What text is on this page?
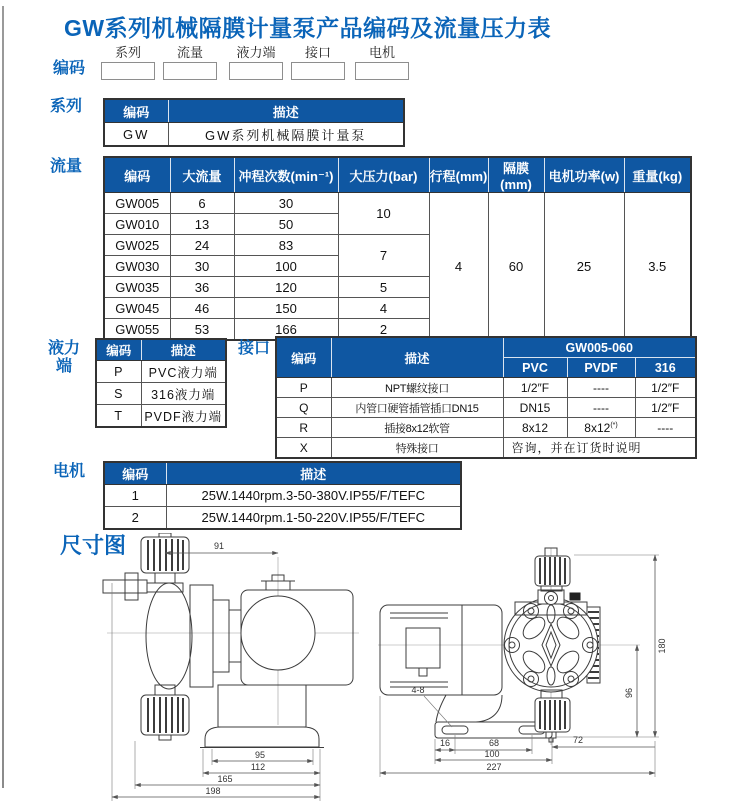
GW系列机械隔膜计量泵产品编码及流量压力表
编码
系列	流量	液力端	接口	电机
系列	编码	描述
GW	GW系列机械隔膜计量泵
流量
编码	大流量	冲程次数(min⁻¹)	大压力(bar)	行程(mm)	隔膜(mm)	电机功率(w)	重量(kg)
GW005	6	30	10	4	60	25	3.5
GW010	13	50					
GW025	24	83	7				
GW030	30	100					
GW035	36	120	5				
GW045	46	150	4				
GW055	53	166	2				
液力端
编码	描述
P	PVC液力端
S	316液力端
T	PVDF液力端
接口
编码	描述	GW005-060		
		PVC	PVDF	316
P	NPT螺纹接口	1/2″F	----	1/2″F
Q	内管口硬管插管插口DN15	DN15	----	1/2″F
R	插接8x12软管	8x12	8x12(*)	----
X	特殊接口	咨询，并在订货时说明		
电机	编码	描述
1	25W.1440rpm.3-50-380V.IP55/F/TEFC
2	25W.1440rpm.1-50-220V.IP55/F/TEFC
尺寸图	91
95
112
165
198
180
96
4-8
16	68	72
100
227
